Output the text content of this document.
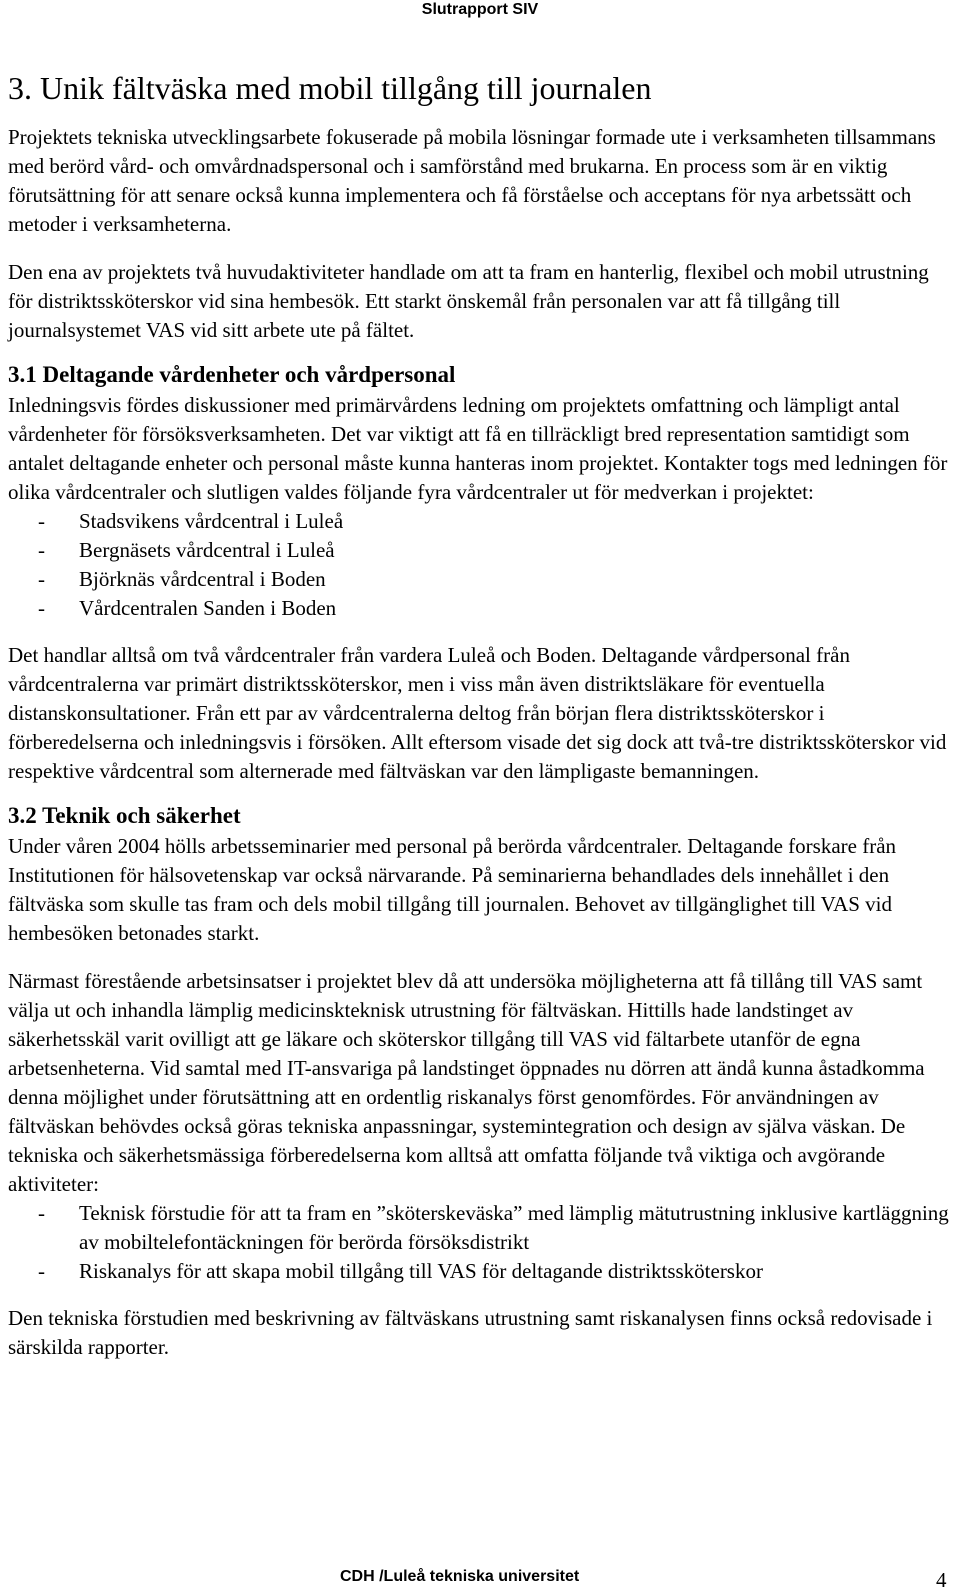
Slutrapport SIV
3. Unik fältväska med mobil tillgång till journalen

Projektets tekniska utvecklingsarbete fokuserade på mobila lösningar formade ute i verksamheten tillsammans med berörd vård- och omvårdnadspersonal och i samförstånd med brukarna. En process som är en viktig förutsättning för att senare också kunna implementera och få förståelse och acceptans för nya arbetssätt och metoder i verksamheterna.

Den ena av projektets två huvudaktiviteter handlade om att ta fram en hanterlig, flexibel och mobil utrustning för distriktssköterskor vid sina hembesök. Ett starkt önskemål från personalen var att få tillgång till journalsystemet VAS vid sitt arbete ute på fältet.

3.1 Deltagande vårdenheter och vårdpersonal

Inledningsvis fördes diskussioner med primärvårdens ledning om projektets omfattning och lämpligt antal vårdenheter för försöksverksamheten. Det var viktigt att få en tillräckligt bred representation samtidigt som antalet deltagande enheter och personal måste kunna hanteras inom projektet. Kontakter togs med ledningen för olika vårdcentraler och slutligen valdes följande fyra vårdcentraler ut för medverkan i projektet:

- Stadsvikens vårdcentral i Luleå
- Bergnäsets vårdcentral i Luleå
- Björknäs vårdcentral i Boden
- Vårdcentralen Sanden i Boden

Det handlar alltså om två vårdcentraler från vardera Luleå och Boden. Deltagande vårdpersonal från vårdcentralerna var primärt distriktssköterskor, men i viss mån även distriktsläkare för eventuella distanskonsultationer. Från ett par av vårdcentralerna deltog från början flera distriktssköterskor i förberedelserna och inledningsvis i försöken. Allt eftersom visade det sig dock att två-tre distriktssköterskor vid respektive vårdcentral som alternerade med fältväskan var den lämpligaste bemanningen.

3.2 Teknik och säkerhet

Under våren 2004 hölls arbetsseminarier med personal på berörda vårdcentraler. Deltagande forskare från Institutionen för hälsovetenskap var också närvarande. På seminarierna behandlades dels innehållet i den fältväska som skulle tas fram och dels mobil tillgång till journalen. Behovet av tillgänglighet till VAS vid hembesöken betonades starkt.

Närmast förestående arbetsinsatser i projektet blev då att undersöka möjligheterna att få tillång till VAS samt välja ut och inhandla lämplig medicinskteknisk utrustning för fältväskan. Hittills hade landstinget av säkerhetsskäl varit ovilligt att ge läkare och sköterskor tillgång till VAS vid fältarbete utanför de egna arbetsenheterna. Vid samtal med IT-ansvariga på landstinget öppnades nu dörren att ändå kunna åstadkomma denna möjlighet under förutsättning att en ordentlig riskanalys först genomfördes. För användningen av fältväskan behövdes också göras tekniska anpassningar, systemintegration och design av själva väskan. De tekniska och säkerhetsmässiga förberedelserna kom alltså att omfatta följande två viktiga och avgörande aktiviteter:

- Teknisk förstudie för att ta fram en ”sköterskeväska” med lämplig mätutrustning inklusive kartläggning av mobiltelefontäckningen för berörda försöksdistrikt
- Riskanalys för att skapa mobil tillgång till VAS för deltagande distriktssköterskor

Den tekniska förstudien med beskrivning av fältväskans utrustning samt riskanalysen finns också redovisade i särskilda rapporter.

CDH /Luleå tekniska universitet	4
